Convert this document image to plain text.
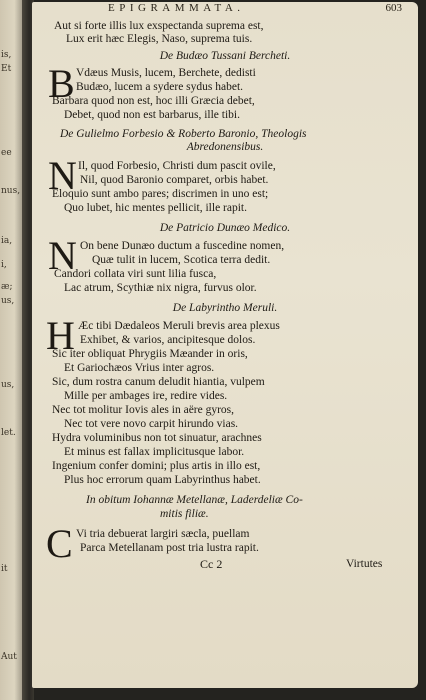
is,
Et
ee
nus,
ia,
i,
æ;
us,
us,
let.
it
Aut
EPIGRAMMATA.	603
Aut si forte illis lux exspectanda suprema est,
Lux erit hæc Elegis, Naso, suprema tuis.
De Budæo Tussani Bercheti.
B Vdæus Musis, lucem, Berchete, dedisti
Budæo, lucem a sydere sydus habet.
Barbara quod non est, hoc illi Græcia debet,
Debet, quod non est barbarus, ille tibi.
De Gulielmo Forbesio & Roberto Baronio, Theologis
Abredonensibus.
N Il, quod Forbesio, Christi dum pascit ovile,
Nil, quod Baronio comparet, orbis habet.
Eloquio sunt ambo pares; discrimen in uno est;
Quo lubet, hic mentes pellicit, ille rapit.
De Patricio Dunæo Medico.
N On bene Dunæo ductum a fuscedine nomen,
Quæ tulit in lucem, Scotica terra dedit.
Candori collata viri sunt lilia fusca,
Lac atrum, Scythiæ nix nigra, furvus olor.
De Labyrintho Meruli.
H Æc tibi Dædaleos Meruli brevis area plexus
Exhibet, & varios, ancipitesque dolos.
Sic iter obliquat Phrygiis Mæander in oris,
Et Gariochæos Vrius inter agros.
Sic, dum rostra canum deludit hiantia, vulpem
Mille per ambages ire, redire vides.
Nec tot molitur Iovis ales in aëre gyros,
Nec tot vere novo carpit hirundo vias.
Hydra voluminibus non tot sinuatur, arachnes
Et minus est fallax implicitusque labor.
Ingenium confer domini; plus artis in illo est,
Plus hoc errorum quam Labyrinthus habet.
In obitum Iohannæ Metellanæ, Laderdeliæ Co-
mitis filiæ.
C Vi tria debuerat largiri sæcla, puellam
Parca Metellanam post tria lustra rapit.
Cc 2	Virtutes
